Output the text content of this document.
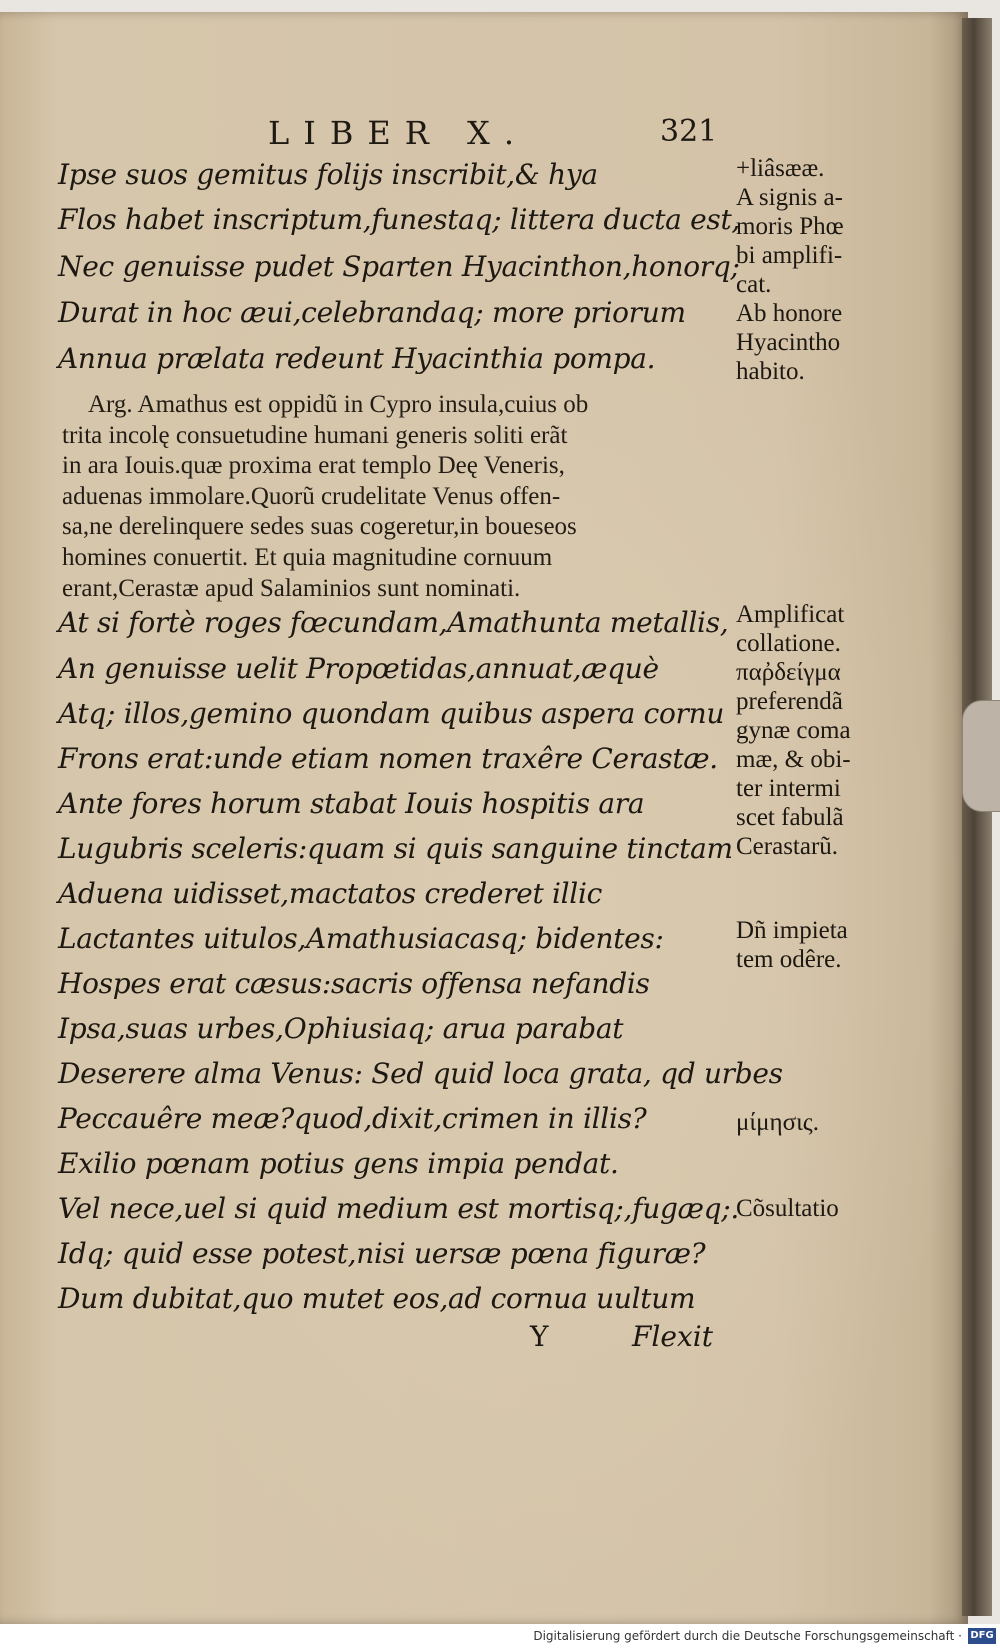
LIBER X.	321
Ipse suos gemitus folijs inscribit,& hya
Flos habet inscriptum,funestaq; littera ducta est,
Nec genuisse pudet Sparten Hyacinthon,honorq;
Durat in hoc æui,celebrandaq; more priorum
Annua prælata redeunt Hyacinthia pompa.
Arg. Amathus est oppidũ in Cypro insula,cuius ob
trita incolę consuetudine humani generis soliti erãt
in ara Iouis.quæ proxima erat templo Deę Veneris,
aduenas immolare.Quorũ crudelitate Venus offen-
sa,ne derelinquere sedes suas cogeretur,in boueseos
homines conuertit. Et quia magnitudine cornuum
erant,Cerastæ apud Salaminios sunt nominati.
At si fortè roges fœcundam,Amathunta metallis,
An genuisse uelit Propœtidas,annuat,æquè
Atq; illos,gemino quondam quibus aspera cornu
Frons erat:unde etiam nomen traxêre Cerastæ.
Ante fores horum stabat Iouis hospitis ara
Lugubris sceleris:quam si quis sanguine tinctam
Aduena uidisset,mactatos crederet illic
Lactantes uitulos,Amathusiacasq; bidentes:
Hospes erat cæsus:sacris offensa nefandis
Ipsa,suas urbes,Ophiusiaq; arua parabat
Deserere alma Venus: Sed quid loca grata, qd urbes
Peccauêre meæ?quod,dixit,crimen in illis?
Exilio pœnam potius gens impia pendat.
Vel nece,uel si quid medium est mortisq;,fugæq;.
Idq; quid esse potest,nisi uersæ pœna figuræ?
Dum dubitat,quo mutet eos,ad cornua uultum
+liâsææ.
A signis a-
moris Phœ
bi amplifi-
cat.
Ab honore
Hyacintho
habito.
Amplificat
collatione.
παῤδείγμα
preferendã
gynæ coma
mæ, & obi-
ter intermi
scet fabulã
Cerastarũ.
Dñ impieta
tem odêre.
μίμησις.
Cõsultatio
Y	Flexit
Digitalisierung gefördert durch die Deutsche Forschungsgemeinschaft · DFG
